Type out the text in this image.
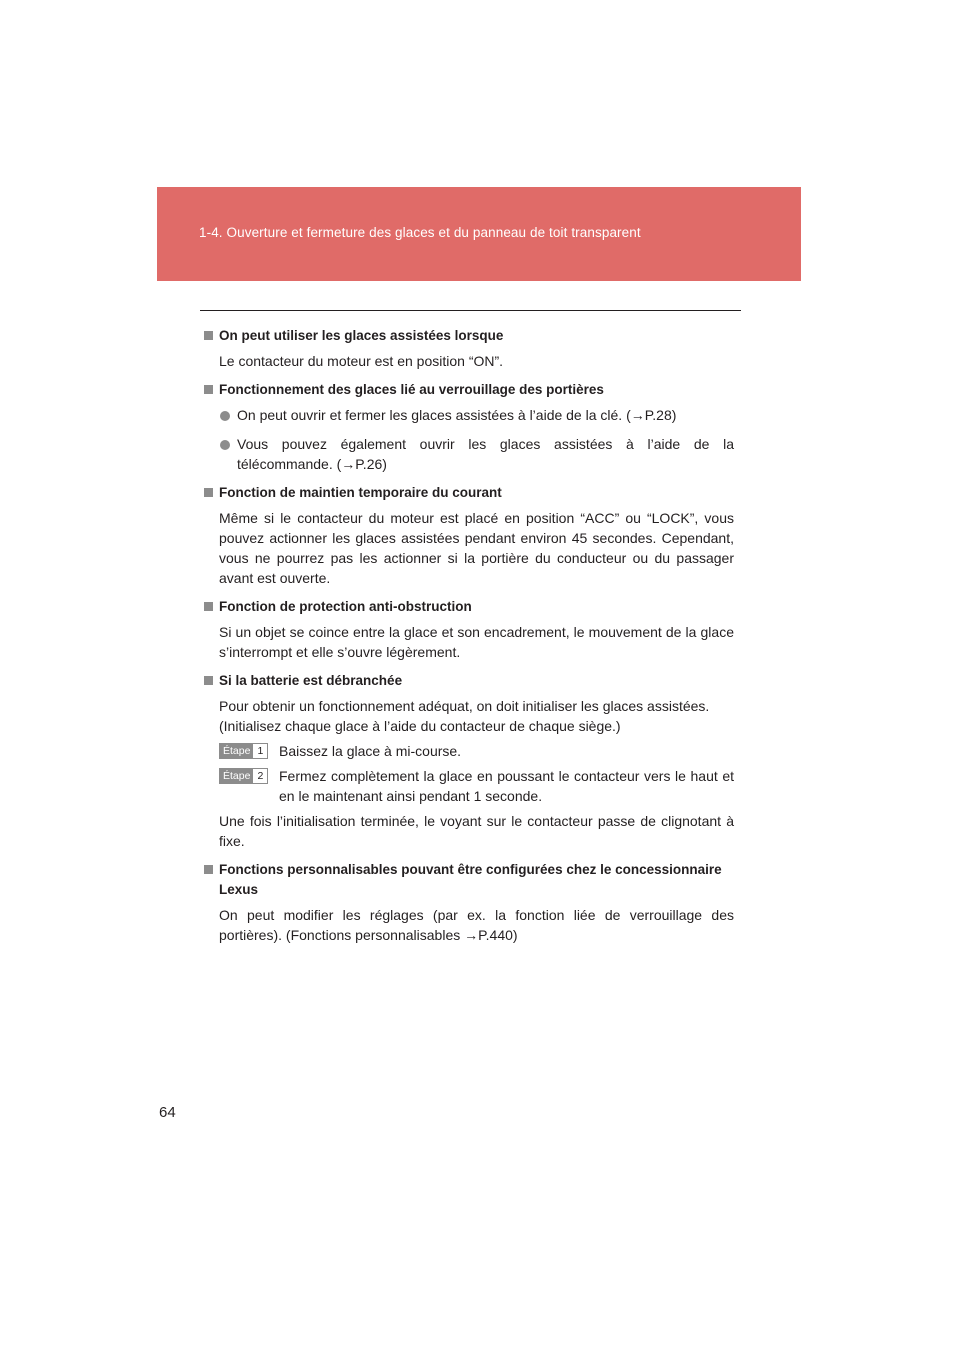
1-4. Ouverture et fermeture des glaces et du panneau de toit transparent
On peut utiliser les glaces assistées lorsque
Le contacteur du moteur est en position “ON”.
Fonctionnement des glaces lié au verrouillage des portières
On peut ouvrir et fermer les glaces assistées à l’aide de la clé. (→P.28)
Vous pouvez également ouvrir les glaces assistées à l’aide de la télécommande. (→P.26)
Fonction de maintien temporaire du courant
Même si le contacteur du moteur est placé en position “ACC” ou “LOCK”, vous pouvez actionner les glaces assistées pendant environ 45 secondes. Cependant, vous ne pourrez pas les actionner si la portière du conducteur ou du passager avant est ouverte.
Fonction de protection anti-obstruction
Si un objet se coince entre la glace et son encadrement, le mouvement de la glace s’interrompt et elle s’ouvre légèrement.
Si la batterie est débranchée
Pour obtenir un fonctionnement adéquat, on doit initialiser les glaces assistées.
(Initialisez chaque glace à l’aide du contacteur de chaque siège.)
Étape 1 Baissez la glace à mi-course.
Étape 2 Fermez complètement la glace en poussant le contacteur vers le haut et en le maintenant ainsi pendant 1 seconde.
Une fois l’initialisation terminée, le voyant sur le contacteur passe de clignotant à fixe.
Fonctions personnalisables pouvant être configurées chez le concessionnaire Lexus
On peut modifier les réglages (par ex. la fonction liée de verrouillage des portières). (Fonctions personnalisables →P.440)
64
